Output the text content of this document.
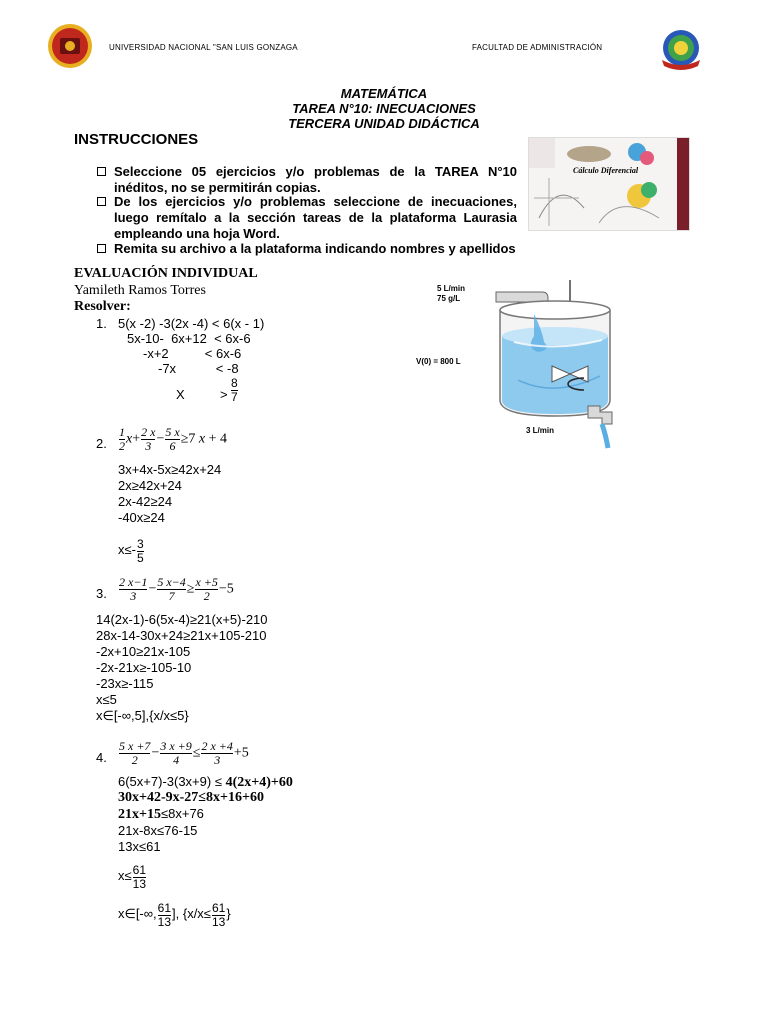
UNIVERSIDAD NACIONAL "SAN LUIS GONZAGA	FACULTAD DE ADMINISTRACIÓN
MATEMÁTICA
TAREA N°10: INECUACIONES
TERCERA UNIDAD DIDÁCTICA
INSTRUCCIONES
Cálculo Diferencial
Seleccione 05 ejercicios y/o problemas de la TAREA N°10 inéditos, no se permitirán copias.
De los ejercicios y/o problemas seleccione de inecuaciones, luego remítalo a la sección tareas de la plataforma Laurasia empleando una hoja Word.
Remita su archivo a la plataforma indicando nombres y apellidos
EVALUACIÓN INDIVIDUAL
Yamileth Ramos Torres
Resolver:
5 L/min
75 g/L
V(0) = 800 L
3 L/min
1. 5(x -2) -3(2x -4) < 6(x - 1)
5x-10-  6x+12  < 6x-6
-x+2          < 6x-6
-7x           < -8
X	> $\frac{8}{7}$
2. $\frac{1}{2} x+ \frac{2 x}{3} - \frac{5 x}{6} \ge 7$ x + 4
3x+4x-5x≥42x+24
2x≥42x+24
2x-42≥24
-40x≥24
$x\le- \frac{3}{5}$
3. $\frac{2 x-1}{3} - \frac{5 x-4}{7} \ge \frac{x +5}{2} -5$
14(2x-1)-6(5x-4)≥21(x+5)-210
28x-14-30x+24≥21x+105-210
-2x+10≥21x-105
-2x-21x≥-105-10
-23x≥-115
x≤5
x∈[-∞,5],{x/x≤5}
4. $\frac{5 x +7}{2} - \frac{3 x +9}{4} \le \frac{2 x +4}{3} +5$
6(5x+7)-3(3x+9) ≤ 4(2x+4)+60
30x+42-9x-27≤8x+16+60
21x+15≤8x+76
21x-8x≤76-15
13x≤61
$x\le \frac{61}{13}$
x∈[-∞, $\frac{61}{13}$ ], {$x/x\le \frac{61}{13}$ }
